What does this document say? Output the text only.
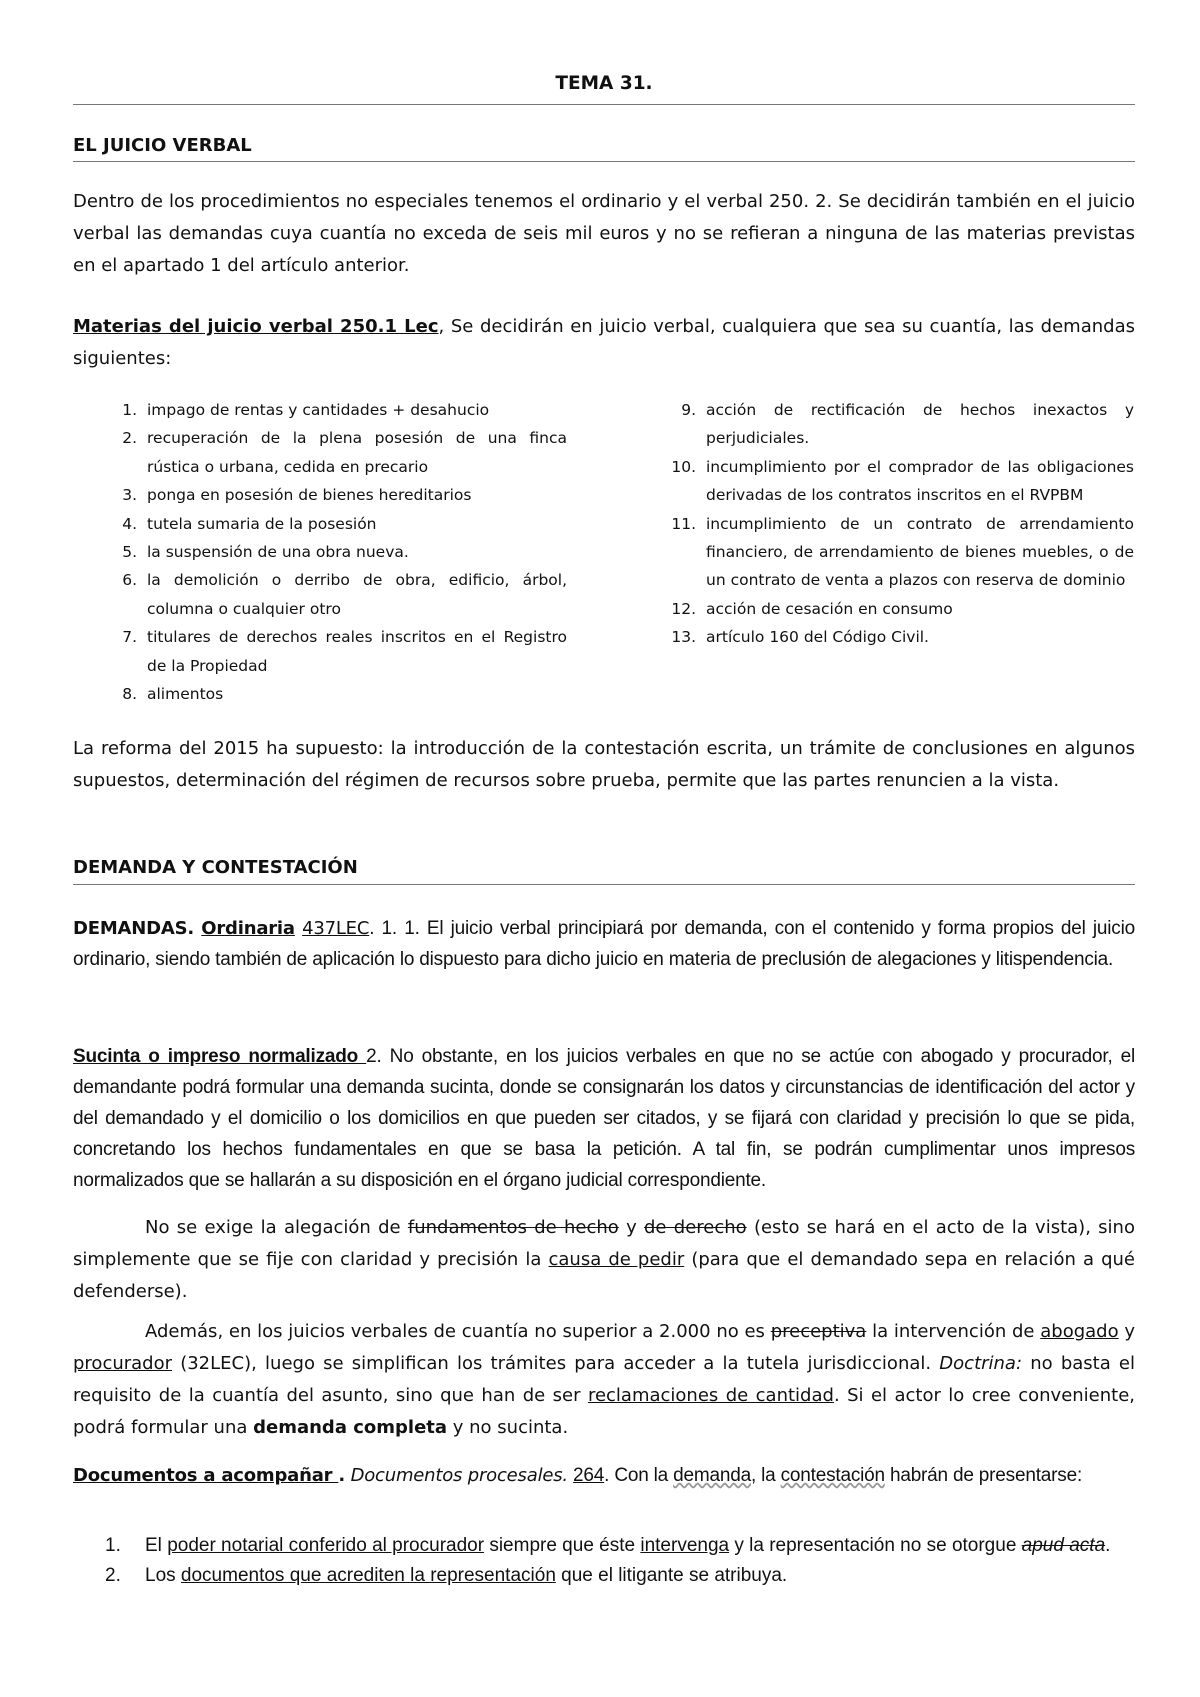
TEMA 31.
EL JUICIO VERBAL
Dentro de los procedimientos no especiales tenemos el ordinario y el verbal 250. 2. Se decidirán también en el juicio verbal las demandas cuya cuantía no exceda de seis mil euros y no se refieran a ninguna de las materias previstas en el apartado 1 del artículo anterior.
Materias del juicio verbal 250.1 Lec, Se decidirán en juicio verbal, cualquiera que sea su cuantía, las demandas siguientes:
1. impago de rentas y cantidades + desahucio
2. recuperación de la plena posesión de una finca rústica o urbana, cedida en precario
3. ponga en posesión de bienes hereditarios
4. tutela sumaria de la posesión
5. la suspensión de una obra nueva.
6. la demolición o derribo de obra, edificio, árbol, columna o cualquier otro
7. titulares de derechos reales inscritos en el Registro de la Propiedad
8. alimentos
9. acción de rectificación de hechos inexactos y perjudiciales.
10. incumplimiento por el comprador de las obligaciones derivadas de los contratos inscritos en el RVPBM
11. incumplimiento de un contrato de arrendamiento financiero, de arrendamiento de bienes muebles, o de un contrato de venta a plazos con reserva de dominio
12. acción de cesación en consumo
13. artículo 160 del Código Civil.
La reforma del 2015 ha supuesto: la introducción de la contestación escrita, un trámite de conclusiones en algunos supuestos, determinación del régimen de recursos sobre prueba, permite que las partes renuncien a la vista.
DEMANDA Y CONTESTACIÓN
DEMANDAS. Ordinaria 437LEC. 1. 1. El juicio verbal principiará por demanda, con el contenido y forma propios del juicio ordinario, siendo también de aplicación lo dispuesto para dicho juicio en materia de preclusión de alegaciones y litispendencia.
Sucinta o impreso normalizado 2. No obstante, en los juicios verbales en que no se actúe con abogado y procurador, el demandante podrá formular una demanda sucinta, donde se consignarán los datos y circunstancias de identificación del actor y del demandado y el domicilio o los domicilios en que pueden ser citados, y se fijará con claridad y precisión lo que se pida, concretando los hechos fundamentales en que se basa la petición. A tal fin, se podrán cumplimentar unos impresos normalizados que se hallarán a su disposición en el órgano judicial correspondiente.
No se exige la alegación de fundamentos de hecho y de derecho (esto se hará en el acto de la vista), sino simplemente que se fije con claridad y precisión la causa de pedir (para que el demandado sepa en relación a qué defenderse).
Además, en los juicios verbales de cuantía no superior a 2.000 no es preceptiva la intervención de abogado y procurador (32LEC), luego se simplifican los trámites para acceder a la tutela jurisdiccional. Doctrina: no basta el requisito de la cuantía del asunto, sino que han de ser reclamaciones de cantidad. Si el actor lo cree conveniente, podrá formular una demanda completa y no sucinta.
Documentos a acompañar . Documentos procesales. 264. Con la demanda, la contestación habrán de presentarse:
1. El poder notarial conferido al procurador siempre que éste intervenga y la representación no se otorgue apud acta.
2. Los documentos que acrediten la representación que el litigante se atribuya.
